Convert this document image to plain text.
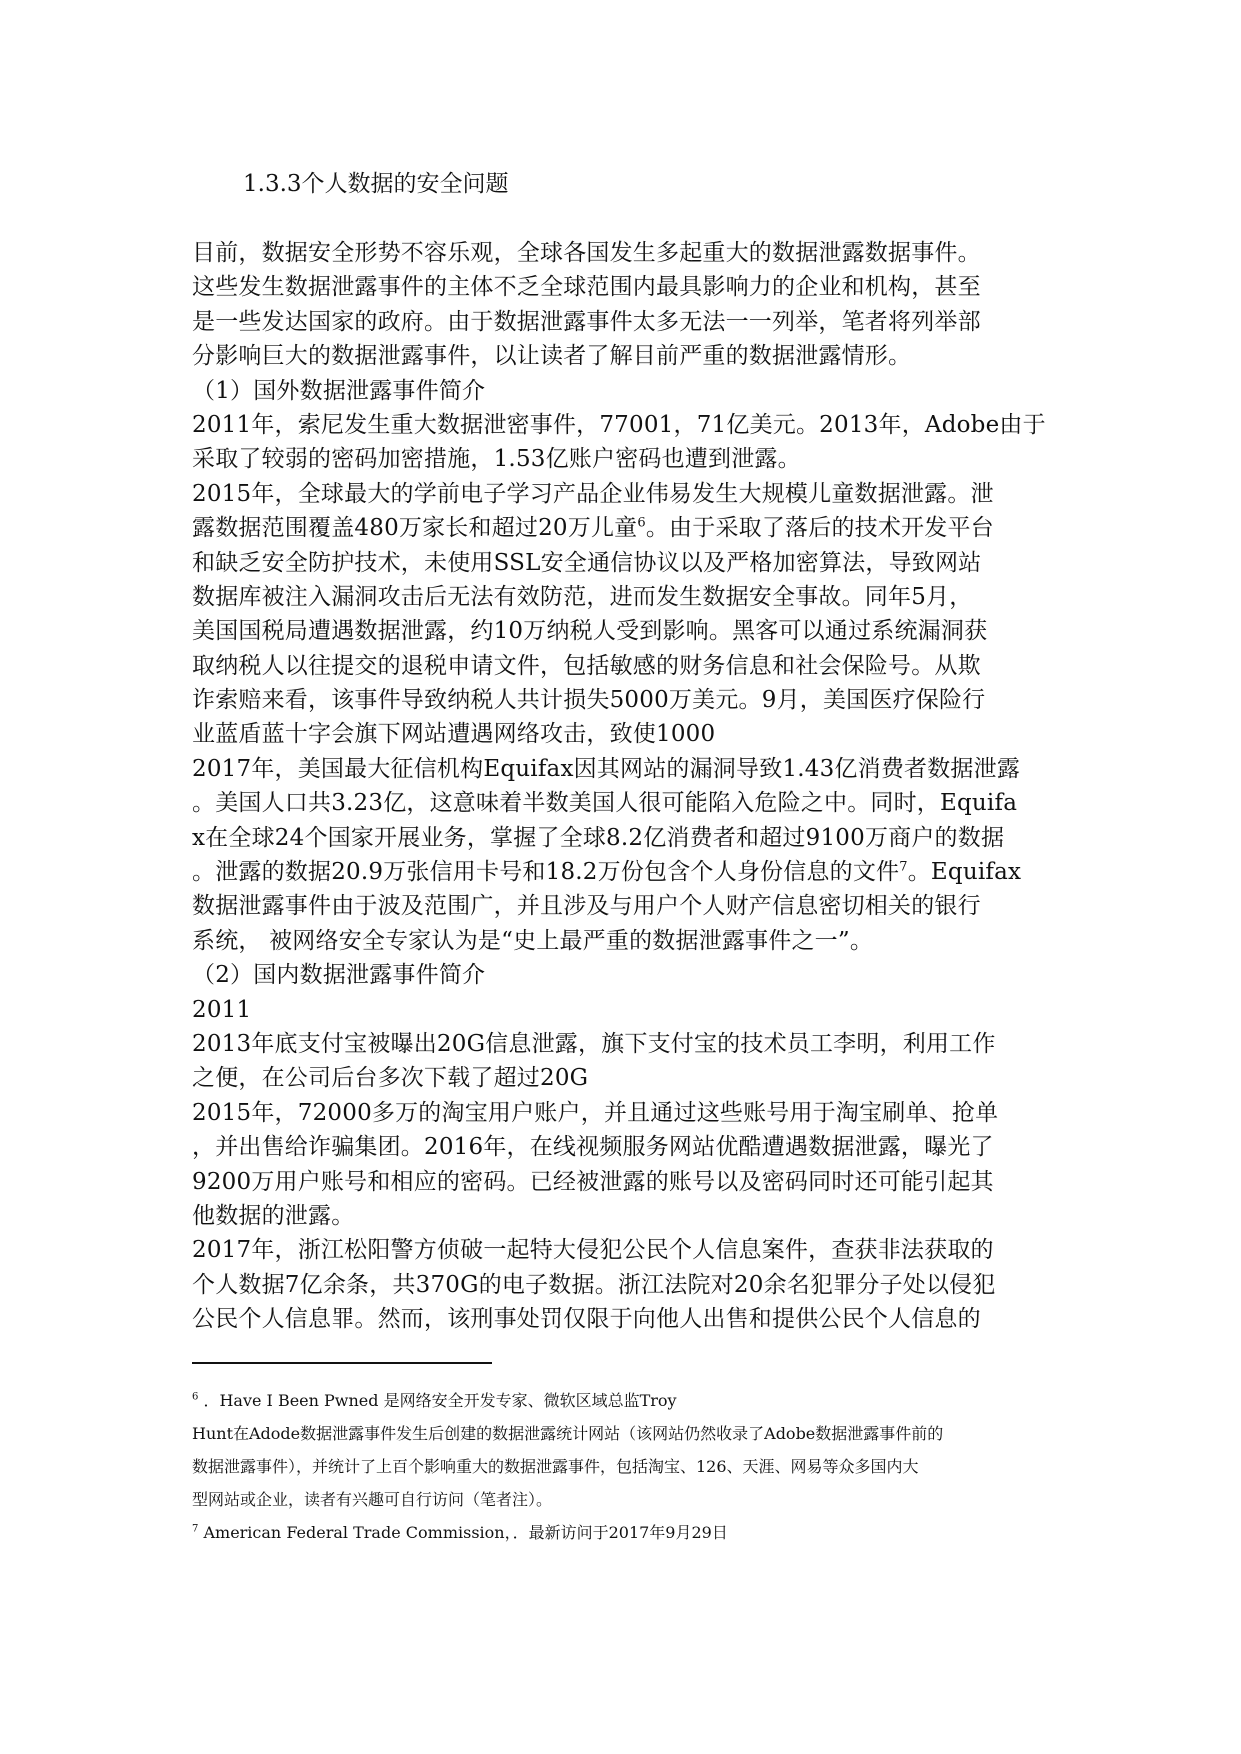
1.3.3个人数据的安全问题
目前，数据安全形势不容乐观，全球各国发生多起重大的数据泄露数据事件。
这些发生数据泄露事件的主体不乏全球范围内最具影响力的企业和机构，甚至
是一些发达国家的政府。由于数据泄露事件太多无法一一列举，笔者将列举部
分影响巨大的数据泄露事件，以让读者了解目前严重的数据泄露情形。
（1）国外数据泄露事件简介
2011年，索尼发生重大数据泄密事件，77001，71亿美元。2013年，Adobe由于
采取了较弱的密码加密措施，1.53亿账户密码也遭到泄露。
2015年，全球最大的学前电子学习产品企业伟易发生大规模儿童数据泄露。泄
露数据范围覆盖480万家长和超过20万儿童$^6$。由于采取了落后的技术开发平台
和缺乏安全防护技术，未使用SSL安全通信协议以及严格加密算法，导致网站
数据库被注入漏洞攻击后无法有效防范，进而发生数据安全事故。同年5月，
美国国税局遭遇数据泄露，约10万纳税人受到影响。黑客可以通过系统漏洞获
取纳税人以往提交的退税申请文件，包括敏感的财务信息和社会保险号。从欺
诈索赔来看，该事件导致纳税人共计损失5000万美元。9月，美国医疗保险行
业蓝盾蓝十字会旗下网站遭遇网络攻击，致使1000
2017年，美国最大征信机构Equifax因其网站的漏洞导致1.43亿消费者数据泄露
。美国人口共3.23亿，这意味着半数美国人很可能陷入危险之中。同时，Equifa
x在全球24个国家开展业务，掌握了全球8.2亿消费者和超过9100万商户的数据
。泄露的数据20.9万张信用卡号和18.2万份包含个人身份信息的文件$^7$。Equifax
数据泄露事件由于波及范围广，并且涉及与用户个人财产信息密切相关的银行
系统， 被网络安全专家认为是“史上最严重的数据泄露事件之一”。
（2）国内数据泄露事件简介
2011
2013年底支付宝被曝出20G信息泄露，旗下支付宝的技术员工李明，利用工作
之便，在公司后台多次下载了超过20G
2015年，72000多万的淘宝用户账户，并且通过这些账号用于淘宝刷单、抢单
，并出售给诈骗集团。2016年，在线视频服务网站优酷遭遇数据泄露，曝光了
9200万用户账号和相应的密码。已经被泄露的账号以及密码同时还可能引起其
他数据的泄露。
2017年，浙江松阳警方侦破一起特大侵犯公民个人信息案件，查获非法获取的
个人数据7亿余条，共370G的电子数据。浙江法院对20余名犯罪分子处以侵犯
公民个人信息罪。然而，该刑事处罚仅限于向他人出售和提供公民个人信息的
$^6$ ．Have I Been Pwned 是网络安全开发专家、微软区域总监Troy
Hunt在Adode数据泄露事件发生后创建的数据泄露统计网站（该网站仍然收录了Adobe数据泄露事件前的
数据泄露事件），并统计了上百个影响重大的数据泄露事件，包括淘宝、126、天涯、网易等众多国内大
型网站或企业，读者有兴趣可自行访问（笔者注）。
$^7$ American Federal Trade Commission，．最新访问于2017年9月29日
